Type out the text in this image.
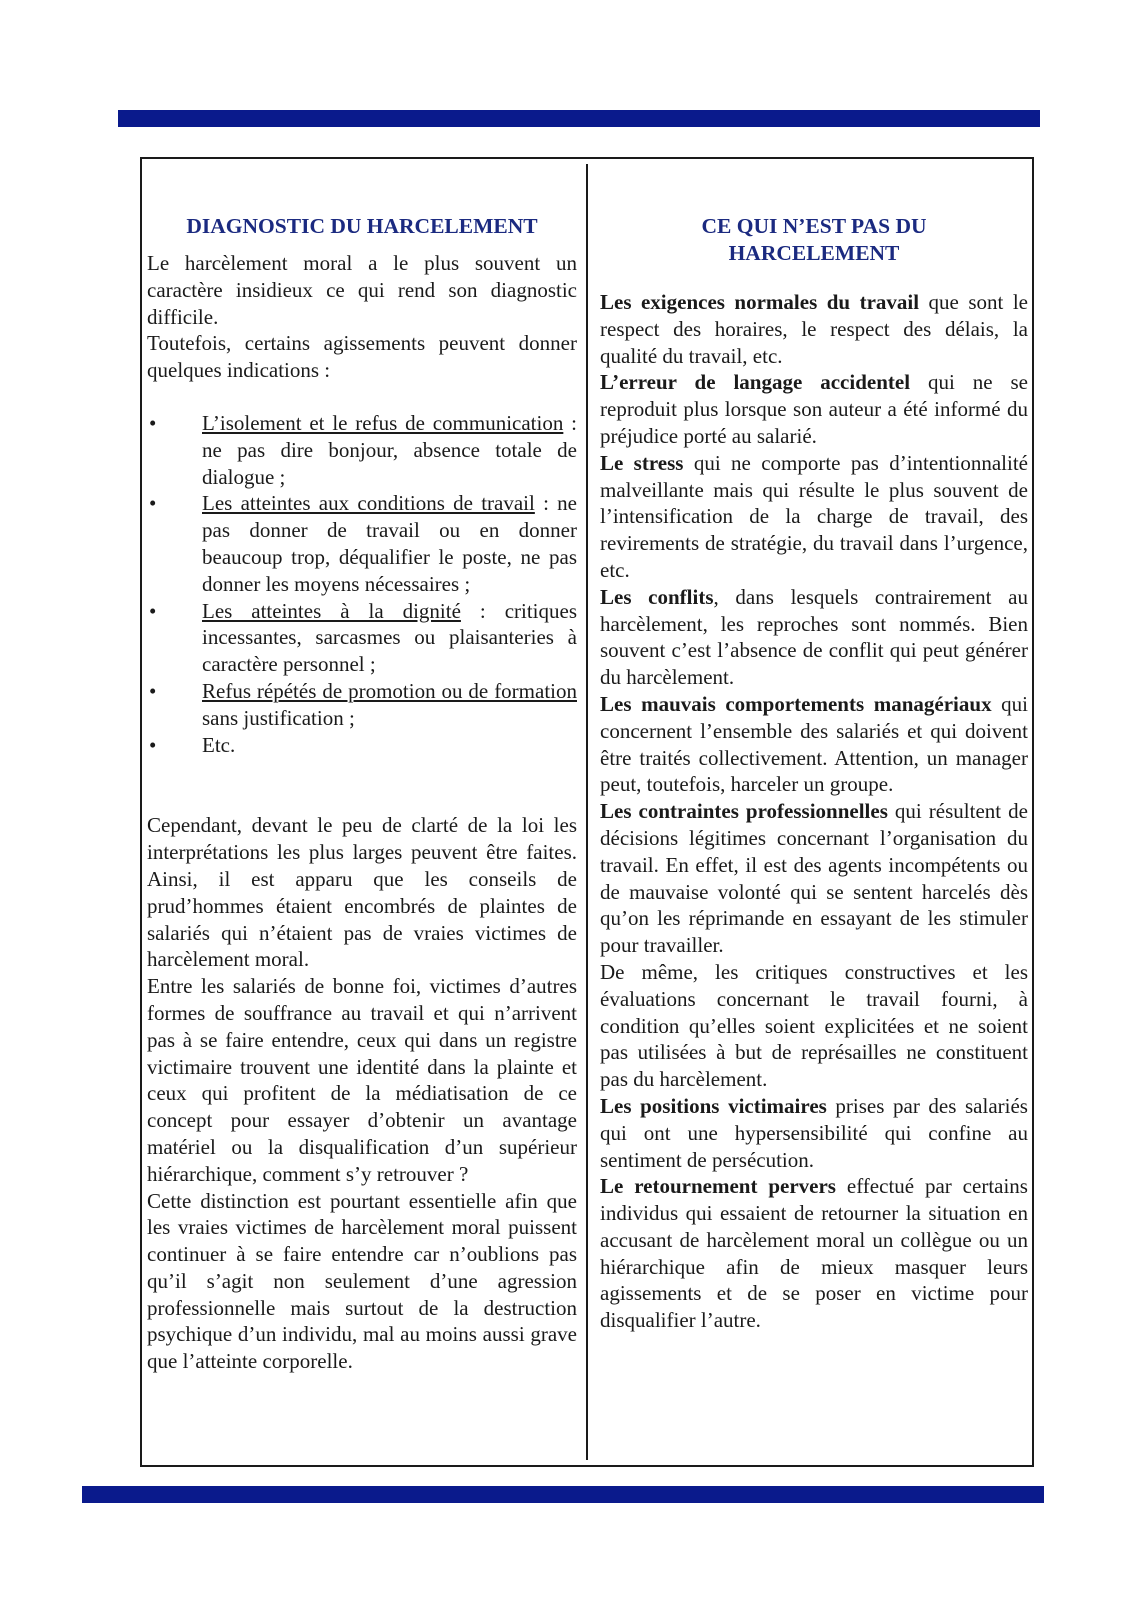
DIAGNOSTIC DU HARCELEMENT

Le harcèlement moral a le plus souvent un caractère insidieux ce qui rend son diagnostic difficile.

Toutefois, certains agissements peuvent donner quelques indications :

• L’isolement et le refus de communication : ne pas dire bonjour, absence totale de dialogue ;
• Les atteintes aux conditions de travail : ne pas donner de travail ou en donner beaucoup trop, déqualifier le poste, ne pas donner les moyens nécessaires ;
• Les atteintes à la dignité : critiques incessantes, sarcasmes ou plaisanteries à caractère personnel ;
• Refus répétés de promotion ou de formation sans justification ;
• Etc.

Cependant, devant le peu de clarté de la loi les interprétations les plus larges peuvent être faites. Ainsi, il est apparu que les conseils de prud’hommes étaient encombrés de plaintes de salariés qui n’étaient pas de vraies victimes de harcèlement moral.

Entre les salariés de bonne foi, victimes d’autres formes de souffrance au travail et qui n’arrivent pas à se faire entendre, ceux qui dans un registre victimaire trouvent une identité dans la plainte et ceux qui profitent de la médiatisation de ce concept pour essayer d’obtenir un avantage matériel ou la disqualification d’un supérieur hiérarchique, comment s’y retrouver ?

Cette distinction est pourtant essentielle afin que les vraies victimes de harcèlement moral puissent continuer à se faire entendre car n’oublions pas qu’il s’agit non seulement d’une agression professionnelle mais surtout de la destruction psychique d’un individu, mal au moins aussi grave que l’atteinte corporelle.

CE QUI N’EST PAS DU HARCELEMENT

Les exigences normales du travail que sont le respect des horaires, le respect des délais, la qualité du travail, etc.

L’erreur de langage accidentel qui ne se reproduit plus lorsque son auteur a été informé du préjudice porté au salarié.

Le stress qui ne comporte pas d’intentionnalité malveillante mais qui résulte le plus souvent de l’intensification de la charge de travail, des revirements de stratégie, du travail dans l’urgence, etc.

Les conflits, dans lesquels contrairement au harcèlement, les reproches sont nommés. Bien souvent c’est l’absence de conflit qui peut générer du harcèlement.

Les mauvais comportements managériaux qui concernent l’ensemble des salariés et qui doivent être traités collectivement. Attention, un manager peut, toutefois, harceler un groupe.

Les contraintes professionnelles qui résultent de décisions légitimes concernant l’organisation du travail. En effet, il est des agents incompétents ou de mauvaise volonté qui se sentent harcelés dès qu’on les réprimande en essayant de les stimuler pour travailler.

De même, les critiques constructives et les évaluations concernant le travail fourni, à condition qu’elles soient explicitées et ne soient pas utilisées à but de représailles ne constituent pas du harcèlement.

Les positions victimaires prises par des salariés qui ont une hypersensibilité qui confine au sentiment de persécution.

Le retournement pervers effectué par certains individus qui essaient de retourner la situation en accusant de harcèlement moral un collègue ou un hiérarchique afin de mieux masquer leurs agissements et de se poser en victime pour disqualifier l’autre.
